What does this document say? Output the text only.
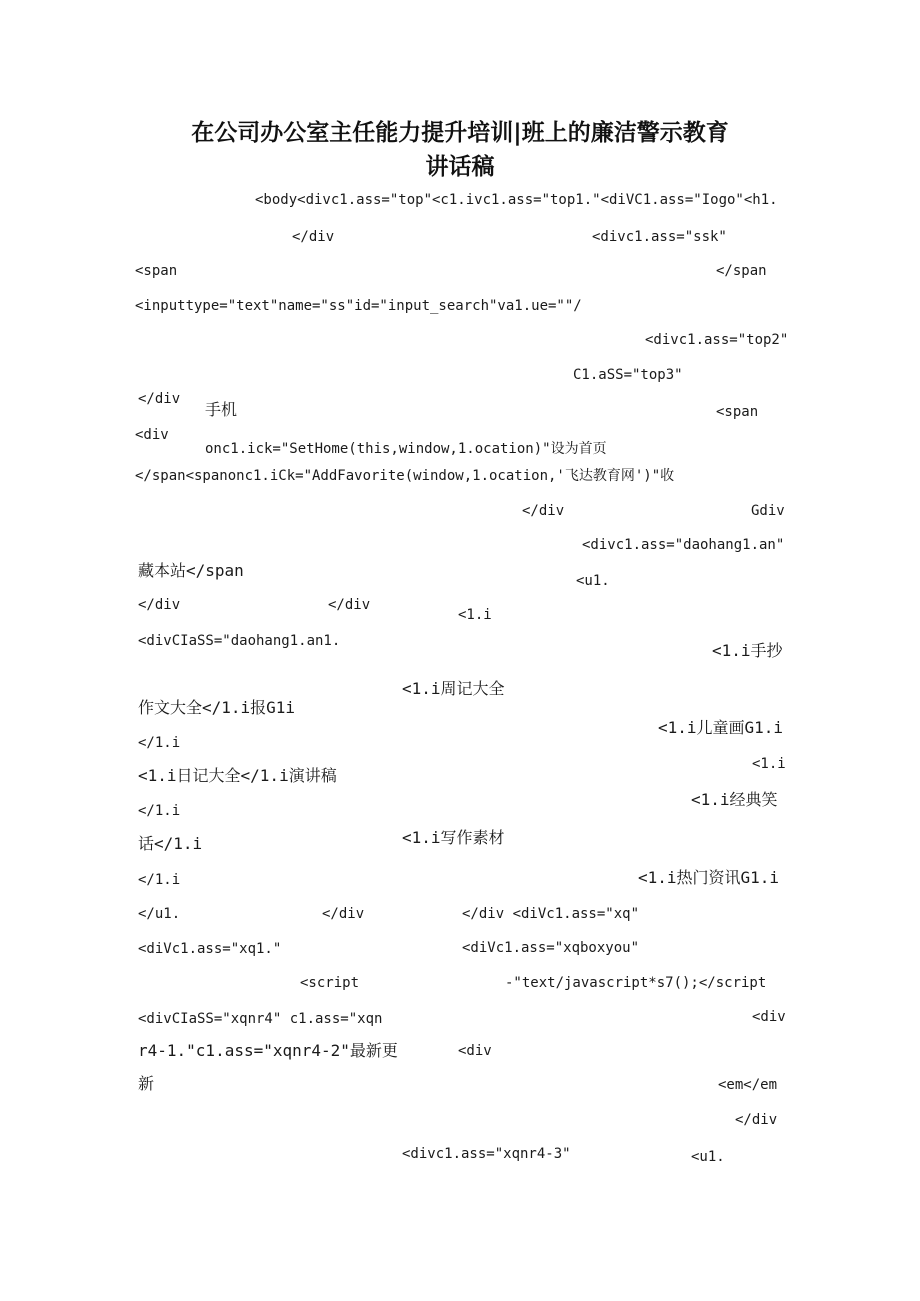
在公司办公室主任能力提升培训|班上的廉洁警示教育
讲话稿
<body<divc1.ass="top"<c1.ivc1.ass="top1."<diVC1.ass="Iogo"<h1.
</div	<divc1.ass="ssk"
<span	</span
<inputtype="text"name="ss"id="input_search"va1.ue=""/
<divc1.ass="top2"
C1.aSS="top3"
</div
手机	<span
<div
onc1.ick="SetHome(this,window,1.ocation)"设为首页
</span<spanonc1.iCk="AddFavorite(window,1.ocation,'飞达教育网')"收
</div	Gdiv
<divc1.ass="daohang1.an"
藏本站</span
<u1.
</div	</div
<1.i
<divCIaSS="daohang1.an1.	<1.i手抄
<1.i周记大全
作文大全</1.i报G1i
<1.i儿童画G1.i
</1.i
<1.i日记大全</1.i演讲稿
<1.i
</1.i
<1.i经典笑
话</1.i	<1.i写作素材
</1.i	<1.i热门资讯G1.i
</u1.	</div	</div <diVc1.ass="xq"
<diVc1.ass="xq1."	<diVc1.ass="xqboxyou"
<script	-"text/javascript*s7();</script
<divCIaSS="xqnr4" c1.ass="xqn	<div
r4-1."c1.ass="xqnr4-2"最新更	<div
新	<em</em
</div
<divc1.ass="xqnr4-3"	<u1.
